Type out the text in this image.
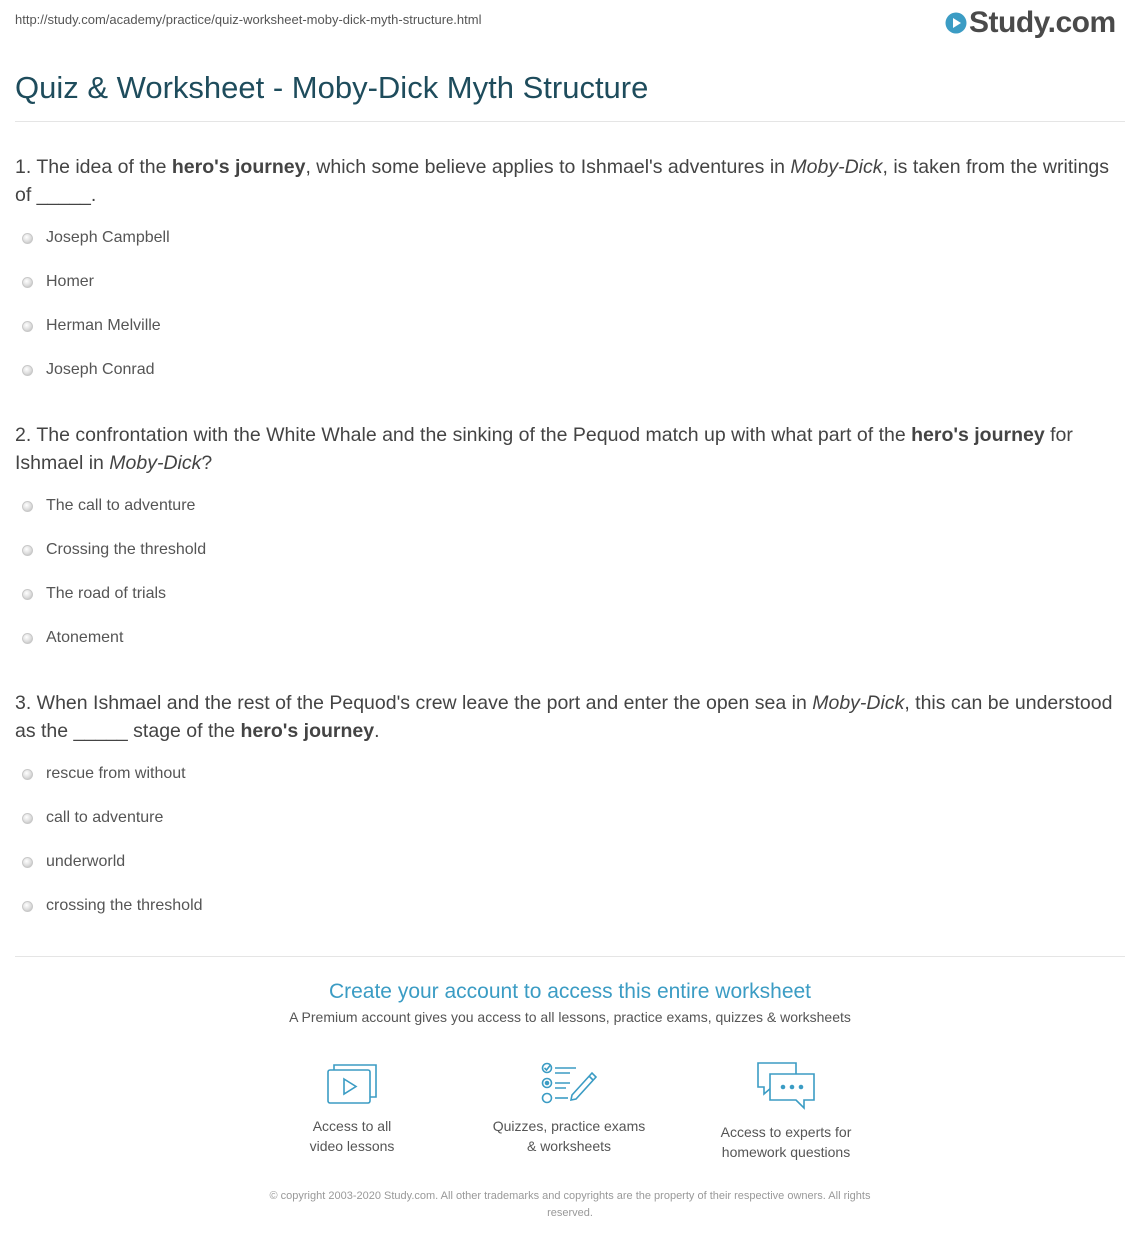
http://study.com/academy/practice/quiz-worksheet-moby-dick-myth-structure.html	Study.com
Quiz & Worksheet - Moby-Dick Myth Structure
1. The idea of the hero's journey, which some believe applies to Ishmael's adventures in Moby-Dick, is taken from the writings of _____.
Joseph Campbell
Homer
Herman Melville
Joseph Conrad
2. The confrontation with the White Whale and the sinking of the Pequod match up with what part of the hero's journey for Ishmael in Moby-Dick?
The call to adventure
Crossing the threshold
The road of trials
Atonement
3. When Ishmael and the rest of the Pequod's crew leave the port and enter the open sea in Moby-Dick, this can be understood as the _____ stage of the hero's journey.
rescue from without
call to adventure
underworld
crossing the threshold
Create your account to access this entire worksheet
A Premium account gives you access to all lessons, practice exams, quizzes & worksheets
Access to all
video lessons
Quizzes, practice exams
& worksheets
Access to experts for
homework questions
© copyright 2003-2020 Study.com. All other trademarks and copyrights are the property of their respective owners. All rights
reserved.
